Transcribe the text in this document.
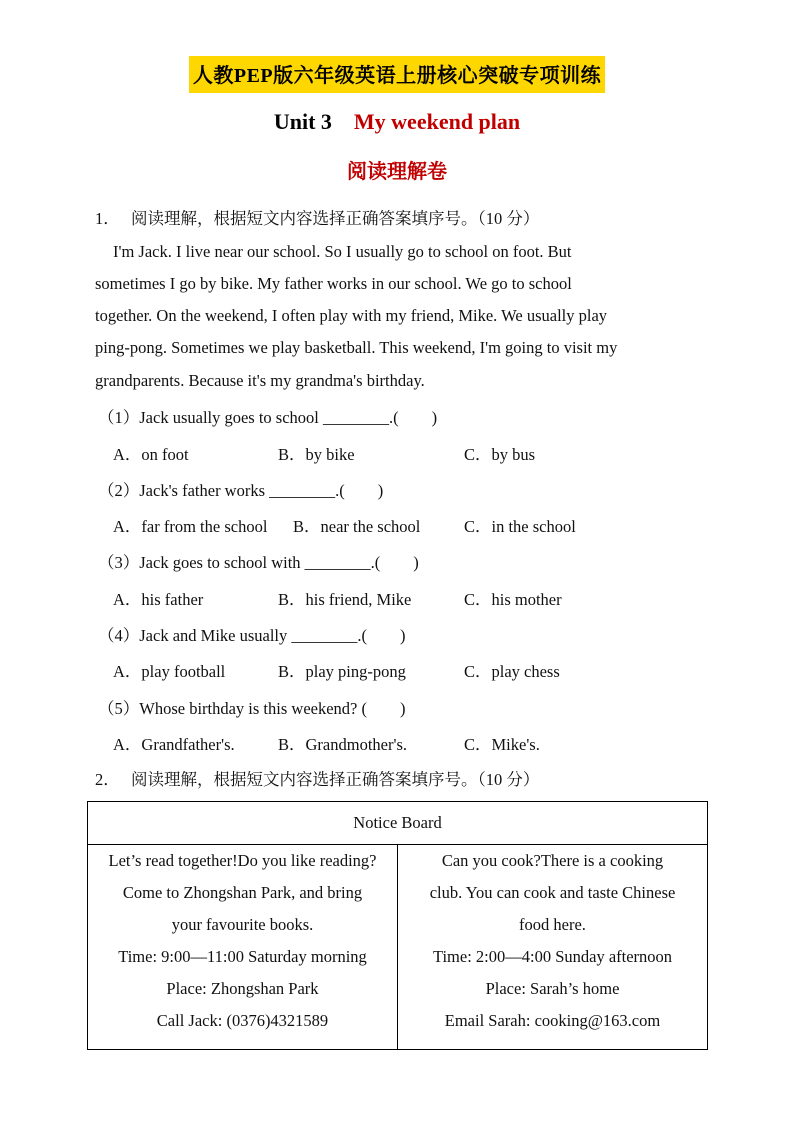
人教PEP版六年级英语上册核心突破专项训练
Unit 3 My weekend plan
阅读理解卷
1． 阅读理解，根据短文内容选择正确答案填序号。（10 分）
I'm Jack. I live near our school. So I usually go to school on foot. But
sometimes I go by bike. My father works in our school. We go to school
together. On the weekend, I often play with my friend, Mike. We usually play
ping-pong. Sometimes we play basketball. This weekend, I'm going to visit my
grandparents. Because it's my grandma's birthday.
（1）Jack usually goes to school ________.(　　)
A．on foot	B．by bike	C．by bus
（2）Jack's father works ________.(　　)
A．far from the school B．near the school	C．in the school
（3）Jack goes to school with ________.(　　)
A．his father	B．his friend, Mike	C．his mother
（4）Jack and Mike usually ________.(　　)
A．play football	B．play ping-pong	C．play chess
（5）Whose birthday is this weekend? (　　)
A．Grandfather's.	B．Grandmother's.	C．Mike's.
2． 阅读理解，根据短文内容选择正确答案填序号。（10 分）
Notice Board

Let’s read together!Do you like reading?
Come to Zhongshan Park, and bring
your favourite books.
Time: 9:00—11:00 Saturday morning
Place: Zhongshan Park
Call Jack: (0376)4321589

Can you cook?There is a cooking
club. You can cook and taste Chinese
food here.
Time: 2:00—4:00 Sunday afternoon
Place: Sarah’s home
Email Sarah: cooking@163.com
